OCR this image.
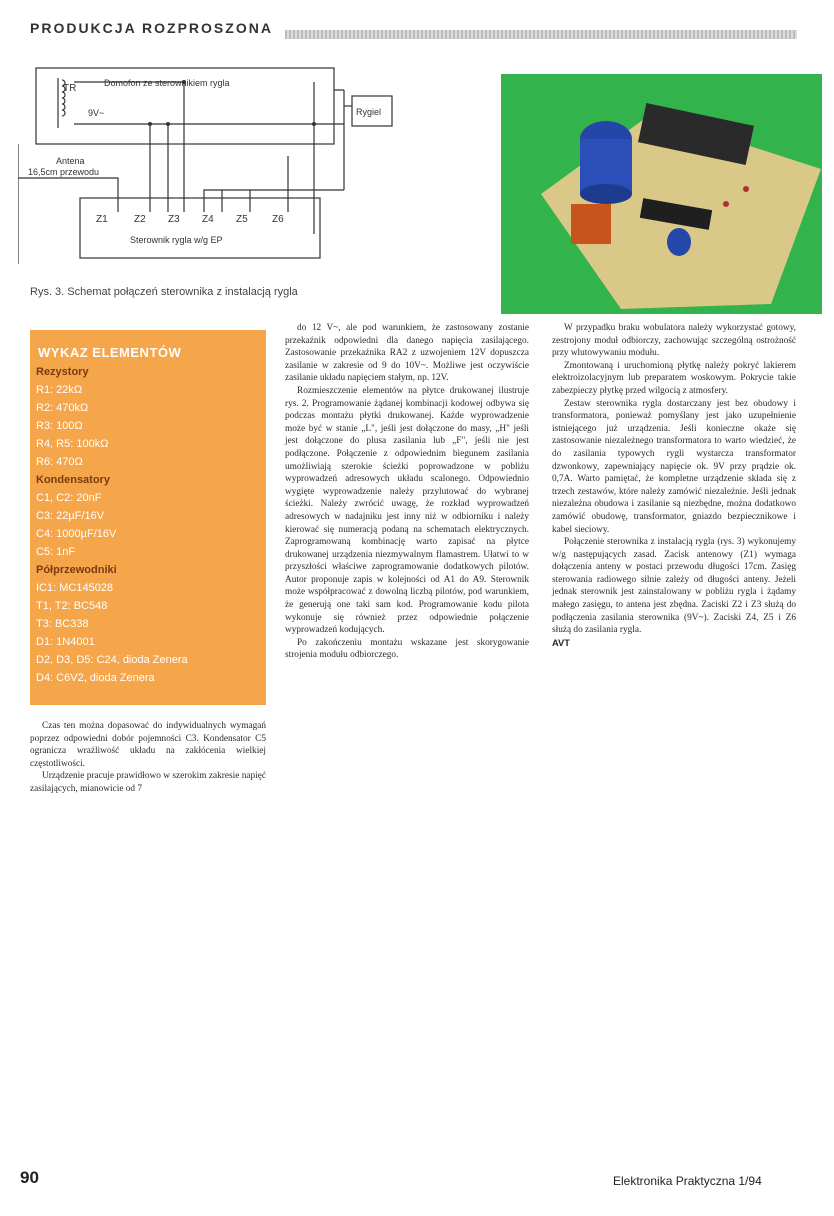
PRODUKCJA ROZPROSZONA
TR	Domofon ze sterownikiem rygla
9V~	Rygiel
Antena
16,5cm przewodu
Z1	Z2 Z3 Z4 Z5 Z6
Sterownik rygla w/g EP
Rys. 3. Schemat połączeń sterownika z instalacją rygla
WYKAZ ELEMENTÓW
Rezystory
R1: 22kΩ
R2: 470kΩ
R3: 100Ω
R4, R5: 100kΩ
R6: 470Ω
Kondensatory
C1, C2: 20nF
C3: 22µF/16V
C4: 1000µF/16V
C5: 1nF
Półprzewodniki
IC1: MC145028
T1, T2: BC548
T3: BC338
D1: 1N4001
D2, D3, D5: C24, dioda Zenera
D4: C6V2, dioda Zenera

Czas ten można dopasować do indywidualnych wymagań poprzez odpowiedni dobór pojemności C3. Kondensator C5 ogranicza wrażliwość układu na zakłócenia wielkiej częstotliwości.

Urządzenie pracuje prawidłowo w szerokim zakresie napięć zasilających, mianowicie od 7

do 12 V~, ale pod warunkiem, że zastosowany zostanie przekaźnik odpowiedni dla danego napięcia zasilającego. Zastosowanie przekaźnika RA2 z uzwojeniem 12V dopuszcza zasilanie w zakresie od 9 do 10V~. Możliwe jest oczywiście zasilanie układu napięciem stałym, np. 12V.

Rozmieszczenie elementów na płytce drukowanej ilustruje rys. 2. Programowanie żądanej kombinacji kodowej odbywa się podczas montażu płytki drukowanej. Każde wyprowadzenie może być w stanie „L", jeśli jest dołączone do masy, „H" jeśli jest dołączone do plusa zasilania lub „F", jeśli nie jest podłączone. Połączenie z odpowiednim biegunem zasilania umożliwiają szerokie ścieżki poprowadzone w pobliżu wyprowadzeń adresowych układu scalonego. Odpowiednio wygięte wyprowadzenie należy przylutować do wybranej ścieżki. Należy zwrócić uwagę, że rozkład wyprowadzeń adresowych w nadajniku jest inny niż w odbiorniku i należy kierować się numeracją podaną na schematach elektrycznych. Zaprogramowaną kombinację warto zapisać na płytce drukowanej urządzenia niezmywalnym flamastrem. Ułatwi to w przyszłości właściwe zaprogramowanie dodatkowych pilotów. Autor proponuje zapis w kolejności od A1 do A9. Sterownik może współpracować z dowolną liczbą pilotów, pod warunkiem, że generują one taki sam kod. Programowanie kodu pilota wykonuje się również przez odpowiednie połączenie wyprowadzeń kodujących.

Po zakończeniu montażu wskazane jest skorygowanie strojenia modułu odbiorczego.

W przypadku braku wobulatora należy wykorzystać gotowy, zestrojony moduł odbiorczy, zachowując szczególną ostrożność przy wlutowywaniu modułu.

Zmontowaną i uruchomioną płytkę należy pokryć lakierem elektroizolacyjnym lub preparatem woskowym. Pokrycie takie zabezpieczy płytkę przed wilgocią z atmosfery.

Zestaw sterownika rygla dostarczany jest bez obudowy i transformatora, ponieważ pomyślany jest jako uzupełnienie istniejącego już urządzenia. Jeśli konieczne okaże się zastosowanie niezależnego transformatora to warto wiedzieć, że do zasilania typowych rygli wystarcza transformator dzwonkowy, zapewniający napięcie ok. 9V przy prądzie ok. 0,7A. Warto pamiętać, że kompletne urządzenie składa się z trzech zestawów, które należy zamówić niezależnie. Jeśli jednak niezależna obudowa i zasilanie są niezbędne, można dodatkowo zamówić obudowę, transformator, gniazdo bezpiecznikowe i kabel sieciowy.

Połączenie sterownika z instalacją rygla (rys. 3) wykonujemy w/g następujących zasad. Zacisk antenowy (Z1) wymaga dołączenia anteny w postaci przewodu długości 17cm. Zasięg sterowania radiowego silnie zależy od długości anteny. Jeżeli jednak sterownik jest zainstalowany w pobliżu rygla i żądamy małego zasięgu, to antena jest zbędna. Zaciski Z2 i Z3 służą do podłączenia zasilania sterownika (9V~). Zaciski Z4, Z5 i Z6 służą do zasilania rygla.

AVT
90	Elektronika Praktyczna 1/94
